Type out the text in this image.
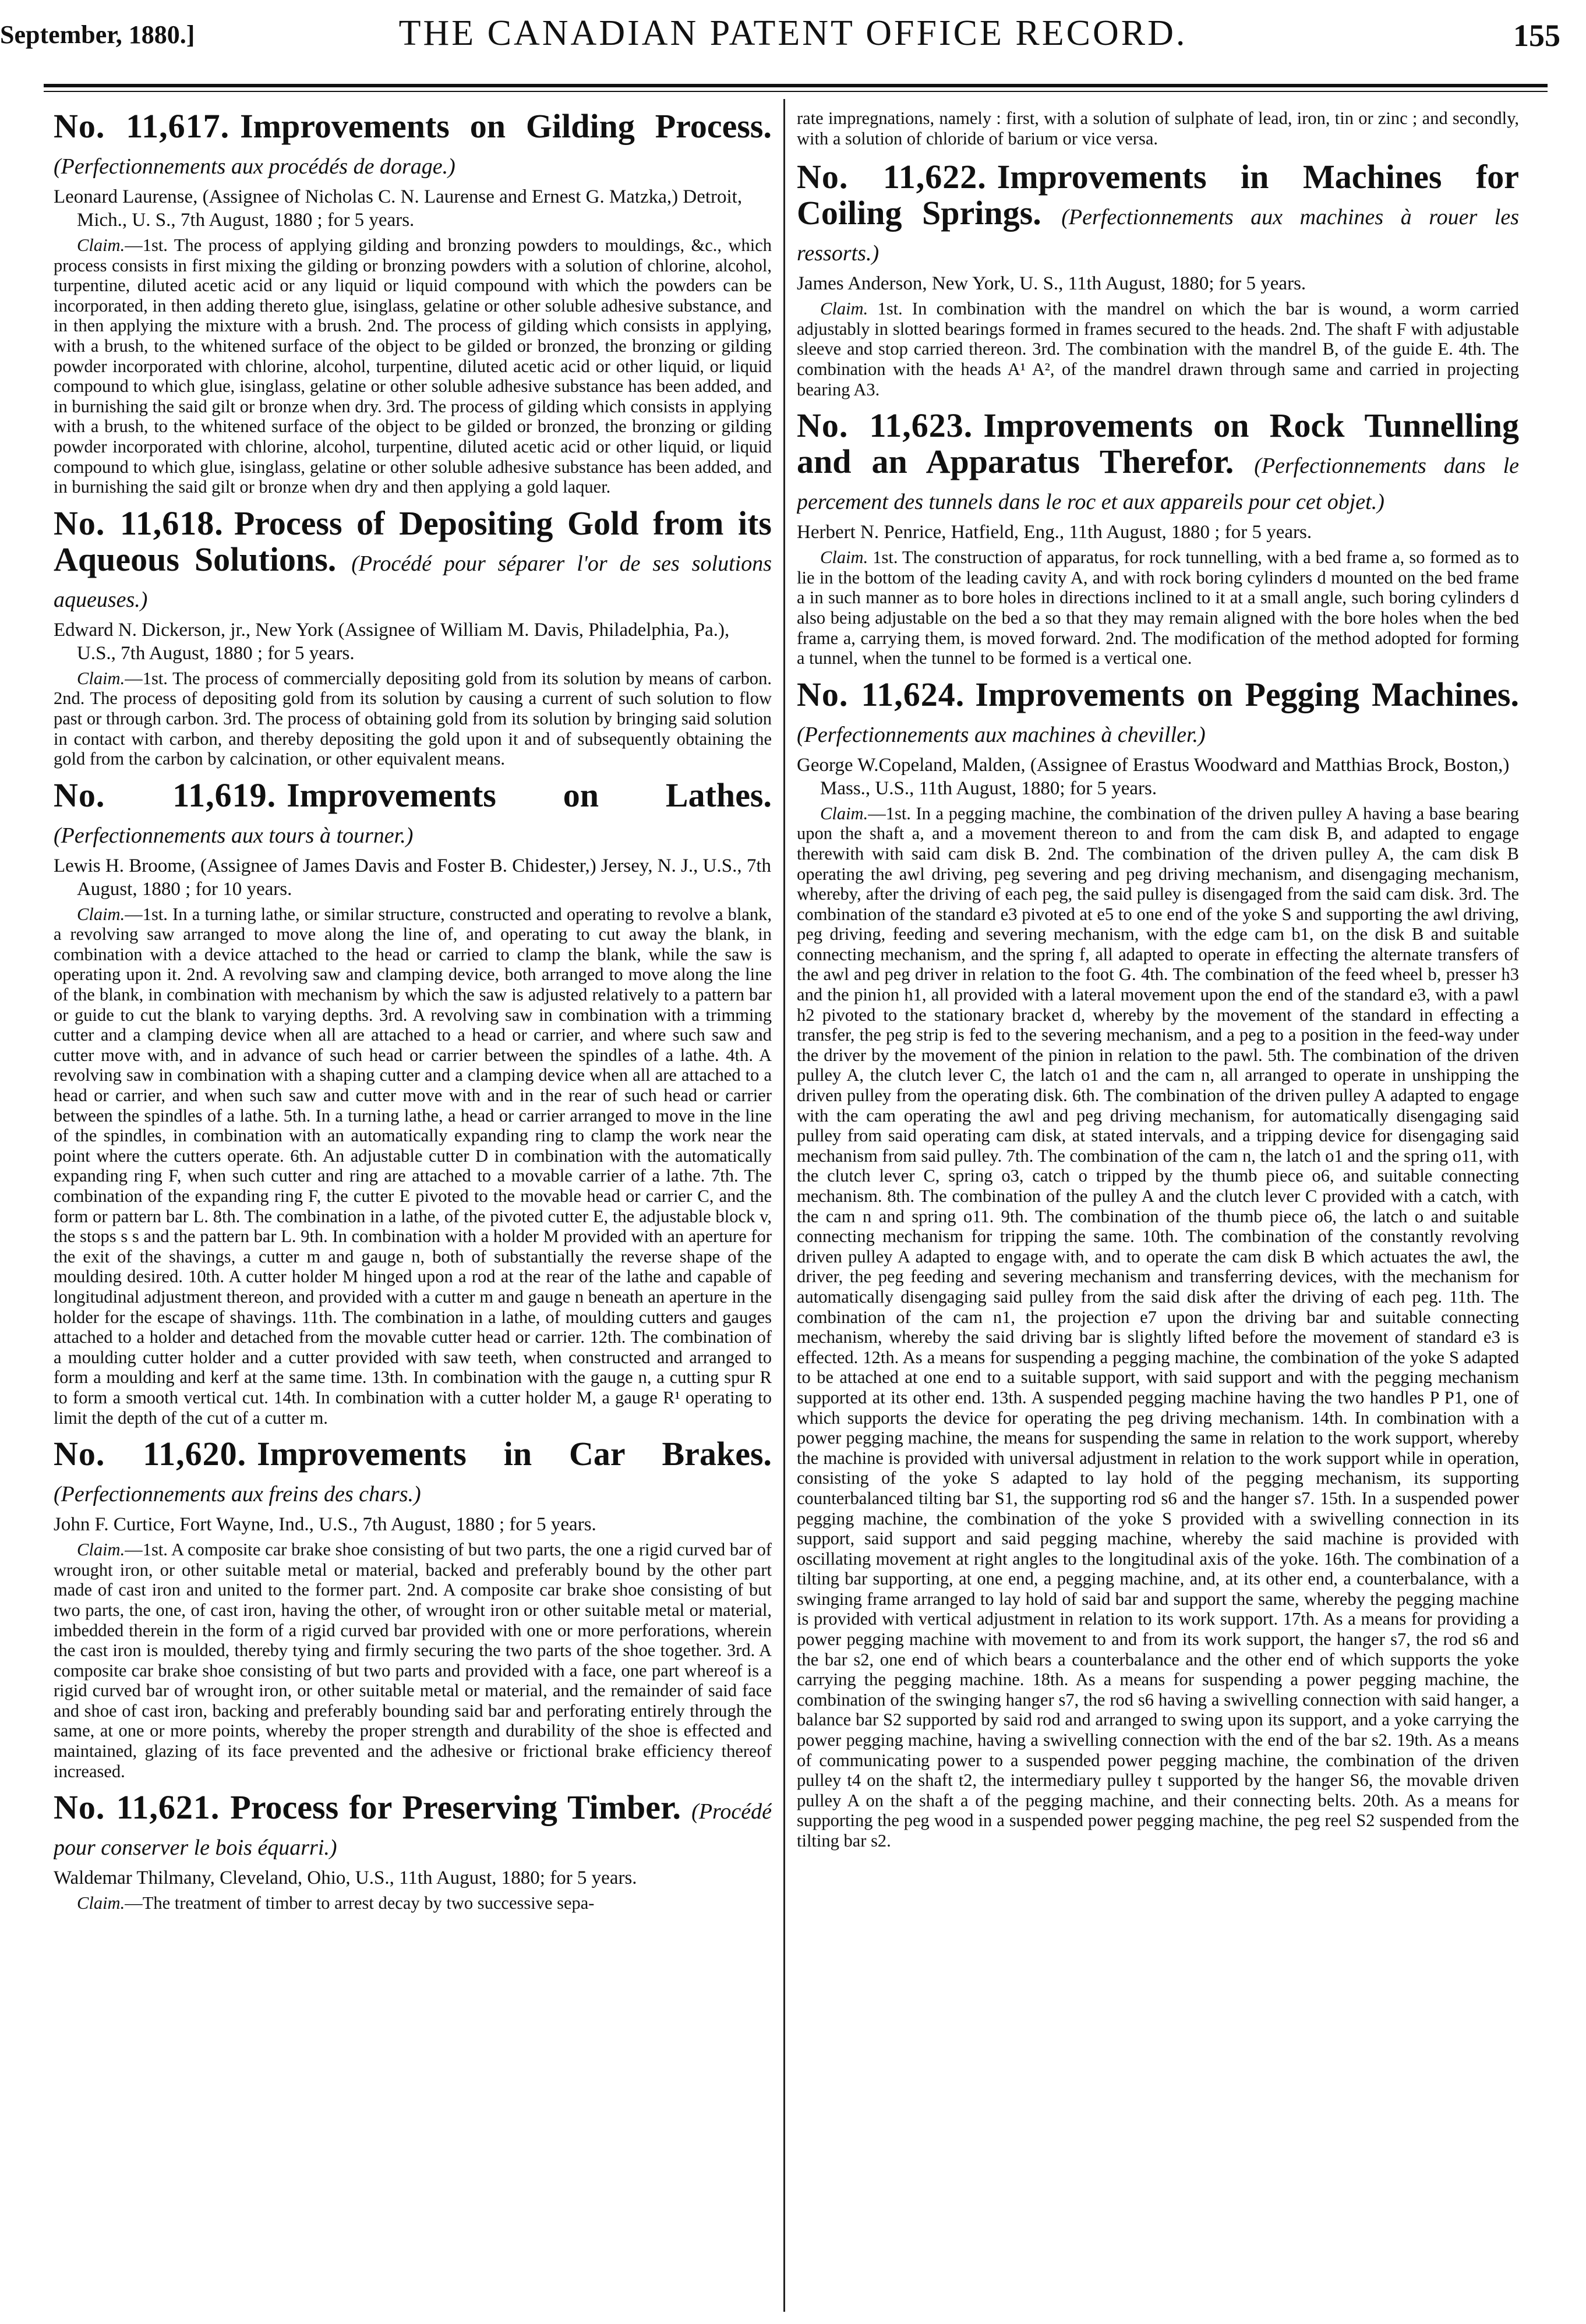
September, 1880.]	THE CANADIAN PATENT OFFICE RECORD.	155

No. 11,617. Improvements on Gilding Process. (Perfectionnements aux procédés de dorage.)

Leonard Laurense, (Assignee of Nicholas C. N. Laurense and Ernest G. Matzka,) Detroit, Mich., U. S., 7th August, 1880 ; for 5 years.

Claim.—1st. The process of applying gilding and bronzing powders to mouldings, &c., which process consists in first mixing the gilding or bronzing powders with a solution of chlorine, alcohol, turpentine, diluted acetic acid or any liquid or liquid compound with which the powders can be incorporated, in then adding thereto glue, isinglass, gelatine or other soluble adhesive substance, and in then applying the mixture with a brush. 2nd. The process of gilding which consists in applying, with a brush, to the whitened surface of the object to be gilded or bronzed, the bronzing or gilding powder incorporated with chlorine, alcohol, turpentine, diluted acetic acid or other liquid, or liquid compound to which glue, isinglass, gelatine or other soluble adhesive substance has been added, and in burnishing the said gilt or bronze when dry. 3rd. The process of gilding which consists in applying with a brush, to the whitened surface of the object to be gilded or bronzed, the bronzing or gilding powder incorporated with chlorine, alcohol, turpentine, diluted acetic acid or other liquid, or liquid compound to which glue, isinglass, gelatine or other soluble adhesive substance has been added, and in burnishing the said gilt or bronze when dry and then applying a gold laquer.

No. 11,618. Process of Depositing Gold from its Aqueous Solutions. (Procédé pour séparer l'or de ses solutions aqueuses.)

Edward N. Dickerson, jr., New York (Assignee of William M. Davis, Philadelphia, Pa.), U.S., 7th August, 1880 ; for 5 years.

Claim.—1st. The process of commercially depositing gold from its solution by means of carbon. 2nd. The process of depositing gold from its solution by causing a current of such solution to flow past or through carbon. 3rd. The process of obtaining gold from its solution by bringing said solution in contact with carbon, and thereby depositing the gold upon it and of subsequently obtaining the gold from the carbon by calcination, or other equivalent means.

No. 11,619. Improvements on Lathes. (Perfectionnements aux tours à tourner.)

Lewis H. Broome, (Assignee of James Davis and Foster B. Chidester,) Jersey, N. J., U.S., 7th August, 1880 ; for 10 years.

Claim.—1st. In a turning lathe, or similar structure, constructed and operating to revolve a blank, a revolving saw arranged to move along the line of, and operating to cut away the blank, in combination with a device attached to the head or carried to clamp the blank, while the saw is operating upon it. 2nd. A revolving saw and clamping device, both arranged to move along the line of the blank, in combination with mechanism by which the saw is adjusted relatively to a pattern bar or guide to cut the blank to varying depths. 3rd. A revolving saw in combination with a trimming cutter and a clamping device when all are attached to a head or carrier, and where such saw and cutter move with, and in advance of such head or carrier between the spindles of a lathe. 4th. A revolving saw in combination with a shaping cutter and a clamping device when all are attached to a head or carrier, and when such saw and cutter move with and in the rear of such head or carrier between the spindles of a lathe. 5th. In a turning lathe, a head or carrier arranged to move in the line of the spindles, in combination with an automatically expanding ring to clamp the work near the point where the cutters operate. 6th. An adjustable cutter D in combination with the automatically expanding ring F, when such cutter and ring are attached to a movable carrier of a lathe. 7th. The combination of the expanding ring F, the cutter E pivoted to the movable head or carrier C, and the form or pattern bar L. 8th. The combination in a lathe, of the pivoted cutter E, the adjustable block v, the stops s s and the pattern bar L. 9th. In combination with a holder M provided with an aperture for the exit of the shavings, a cutter m and gauge n, both of substantially the reverse shape of the moulding desired. 10th. A cutter holder M hinged upon a rod at the rear of the lathe and capable of longitudinal adjustment thereon, and provided with a cutter m and gauge n beneath an aperture in the holder for the escape of shavings. 11th. The combination in a lathe, of moulding cutters and gauges attached to a holder and detached from the movable cutter head or carrier. 12th. The combination of a moulding cutter holder and a cutter provided with saw teeth, when constructed and arranged to form a moulding and kerf at the same time. 13th. In combination with the gauge n, a cutting spur R to form a smooth vertical cut. 14th. In combination with a cutter holder M, a gauge R¹ operating to limit the depth of the cut of a cutter m.

No. 11,620. Improvements in Car Brakes. (Perfectionnements aux freins des chars.)

John F. Curtice, Fort Wayne, Ind., U.S., 7th August, 1880 ; for 5 years.

Claim.—1st. A composite car brake shoe consisting of but two parts, the one a rigid curved bar of wrought iron, or other suitable metal or material, backed and preferably bound by the other part made of cast iron and united to the former part. 2nd. A composite car brake shoe consisting of but two parts, the one, of cast iron, having the other, of wrought iron or other suitable metal or material, imbedded therein in the form of a rigid curved bar provided with one or more perforations, wherein the cast iron is moulded, thereby tying and firmly securing the two parts of the shoe together. 3rd. A composite car brake shoe consisting of but two parts and provided with a face, one part whereof is a rigid curved bar of wrought iron, or other suitable metal or material, and the remainder of said face and shoe of cast iron, backing and preferably bounding said bar and perforating entirely through the same, at one or more points, whereby the proper strength and durability of the shoe is effected and maintained, glazing of its face prevented and the adhesive or frictional brake efficiency thereof increased.

No. 11,621. Process for Preserving Timber. (Procédé pour conserver le bois équarri.)

Waldemar Thilmany, Cleveland, Ohio, U.S., 11th August, 1880; for 5 years.

Claim.—The treatment of timber to arrest decay by two successive sepa-

rate impregnations, namely : first, with a solution of sulphate of lead, iron, tin or zinc ; and secondly, with a solution of chloride of barium or vice versa.

No. 11,622. Improvements in Machines for Coiling Springs. (Perfectionnements aux machines à rouer les ressorts.)

James Anderson, New York, U. S., 11th August, 1880; for 5 years.

Claim. 1st. In combination with the mandrel on which the bar is wound, a worm carried adjustably in slotted bearings formed in frames secured to the heads. 2nd. The shaft F with adjustable sleeve and stop carried thereon. 3rd. The combination with the mandrel B, of the guide E. 4th. The combination with the heads A¹ A², of the mandrel drawn through same and carried in projecting bearing A3.

No. 11,623. Improvements on Rock Tunnelling and an Apparatus Therefor. (Perfectionnements dans le percement des tunnels dans le roc et aux appareils pour cet objet.)

Herbert N. Penrice, Hatfield, Eng., 11th August, 1880 ; for 5 years.

Claim. 1st. The construction of apparatus, for rock tunnelling, with a bed frame a, so formed as to lie in the bottom of the leading cavity A, and with rock boring cylinders d mounted on the bed frame a in such manner as to bore holes in directions inclined to it at a small angle, such boring cylinders d also being adjustable on the bed a so that they may remain aligned with the bore holes when the bed frame a, carrying them, is moved forward. 2nd. The modification of the method adopted for forming a tunnel, when the tunnel to be formed is a vertical one.

No. 11,624. Improvements on Pegging Machines. (Perfectionnements aux machines à cheviller.)

George W.Copeland, Malden, (Assignee of Erastus Woodward and Matthias Brock, Boston,) Mass., U.S., 11th August, 1880; for 5 years.

Claim.—1st. In a pegging machine, the combination of the driven pulley A having a base bearing upon the shaft a, and a movement thereon to and from the cam disk B, and adapted to engage therewith with said cam disk B. 2nd. The combination of the driven pulley A, the cam disk B operating the awl driving, peg severing and peg driving mechanism, and disengaging mechanism, whereby, after the driving of each peg, the said pulley is disengaged from the said cam disk. 3rd. The combination of the standard e3 pivoted at e5 to one end of the yoke S and supporting the awl driving, peg driving, feeding and severing mechanism, with the edge cam b1, on the disk B and suitable connecting mechanism, and the spring f, all adapted to operate in effecting the alternate transfers of the awl and peg driver in relation to the foot G. 4th. The combination of the feed wheel b, presser h3 and the pinion h1, all provided with a lateral movement upon the end of the standard e3, with a pawl h2 pivoted to the stationary bracket d, whereby by the movement of the standard in effecting a transfer, the peg strip is fed to the severing mechanism, and a peg to a position in the feed-way under the driver by the movement of the pinion in relation to the pawl. 5th. The combination of the driven pulley A, the clutch lever C, the latch o1 and the cam n, all arranged to operate in unshipping the driven pulley from the operating disk. 6th. The combination of the driven pulley A adapted to engage with the cam operating the awl and peg driving mechanism, for automatically disengaging said pulley from said operating cam disk, at stated intervals, and a tripping device for disengaging said mechanism from said pulley. 7th. The combination of the cam n, the latch o1 and the spring o11, with the clutch lever C, spring o3, catch o tripped by the thumb piece o6, and suitable connecting mechanism. 8th. The combination of the pulley A and the clutch lever C provided with a catch, with the cam n and spring o11. 9th. The combination of the thumb piece o6, the latch o and suitable connecting mechanism for tripping the same. 10th. The combination of the constantly revolving driven pulley A adapted to engage with, and to operate the cam disk B which actuates the awl, the driver, the peg feeding and severing mechanism and transferring devices, with the mechanism for automatically disengaging said pulley from the said disk after the driving of each peg. 11th. The combination of the cam n1, the projection e7 upon the driving bar and suitable connecting mechanism, whereby the said driving bar is slightly lifted before the movement of standard e3 is effected. 12th. As a means for suspending a pegging machine, the combination of the yoke S adapted to be attached at one end to a suitable support, with said support and with the pegging mechanism supported at its other end. 13th. A suspended pegging machine having the two handles P P1, one of which supports the device for operating the peg driving mechanism. 14th. In combination with a power pegging machine, the means for suspending the same in relation to the work support, whereby the machine is provided with universal adjustment in relation to the work support while in operation, consisting of the yoke S adapted to lay hold of the pegging mechanism, its supporting counterbalanced tilting bar S1, the supporting rod s6 and the hanger s7. 15th. In a suspended power pegging machine, the combination of the yoke S provided with a swivelling connection in its support, said support and said pegging machine, whereby the said machine is provided with oscillating movement at right angles to the longitudinal axis of the yoke. 16th. The combination of a tilting bar supporting, at one end, a pegging machine, and, at its other end, a counterbalance, with a swinging frame arranged to lay hold of said bar and support the same, whereby the pegging machine is provided with vertical adjustment in relation to its work support. 17th. As a means for providing a power pegging machine with movement to and from its work support, the hanger s7, the rod s6 and the bar s2, one end of which bears a counterbalance and the other end of which supports the yoke carrying the pegging machine. 18th. As a means for suspending a power pegging machine, the combination of the swinging hanger s7, the rod s6 having a swivelling connection with said hanger, a balance bar S2 supported by said rod and arranged to swing upon its support, and a yoke carrying the power pegging machine, having a swivelling connection with the end of the bar s2. 19th. As a means of communicating power to a suspended power pegging machine, the combination of the driven pulley t4 on the shaft t2, the intermediary pulley t supported by the hanger S6, the movable driven pulley A on the shaft a of the pegging machine, and their connecting belts. 20th. As a means for supporting the peg wood in a suspended power pegging machine, the peg reel S2 suspended from the tilting bar s2.
